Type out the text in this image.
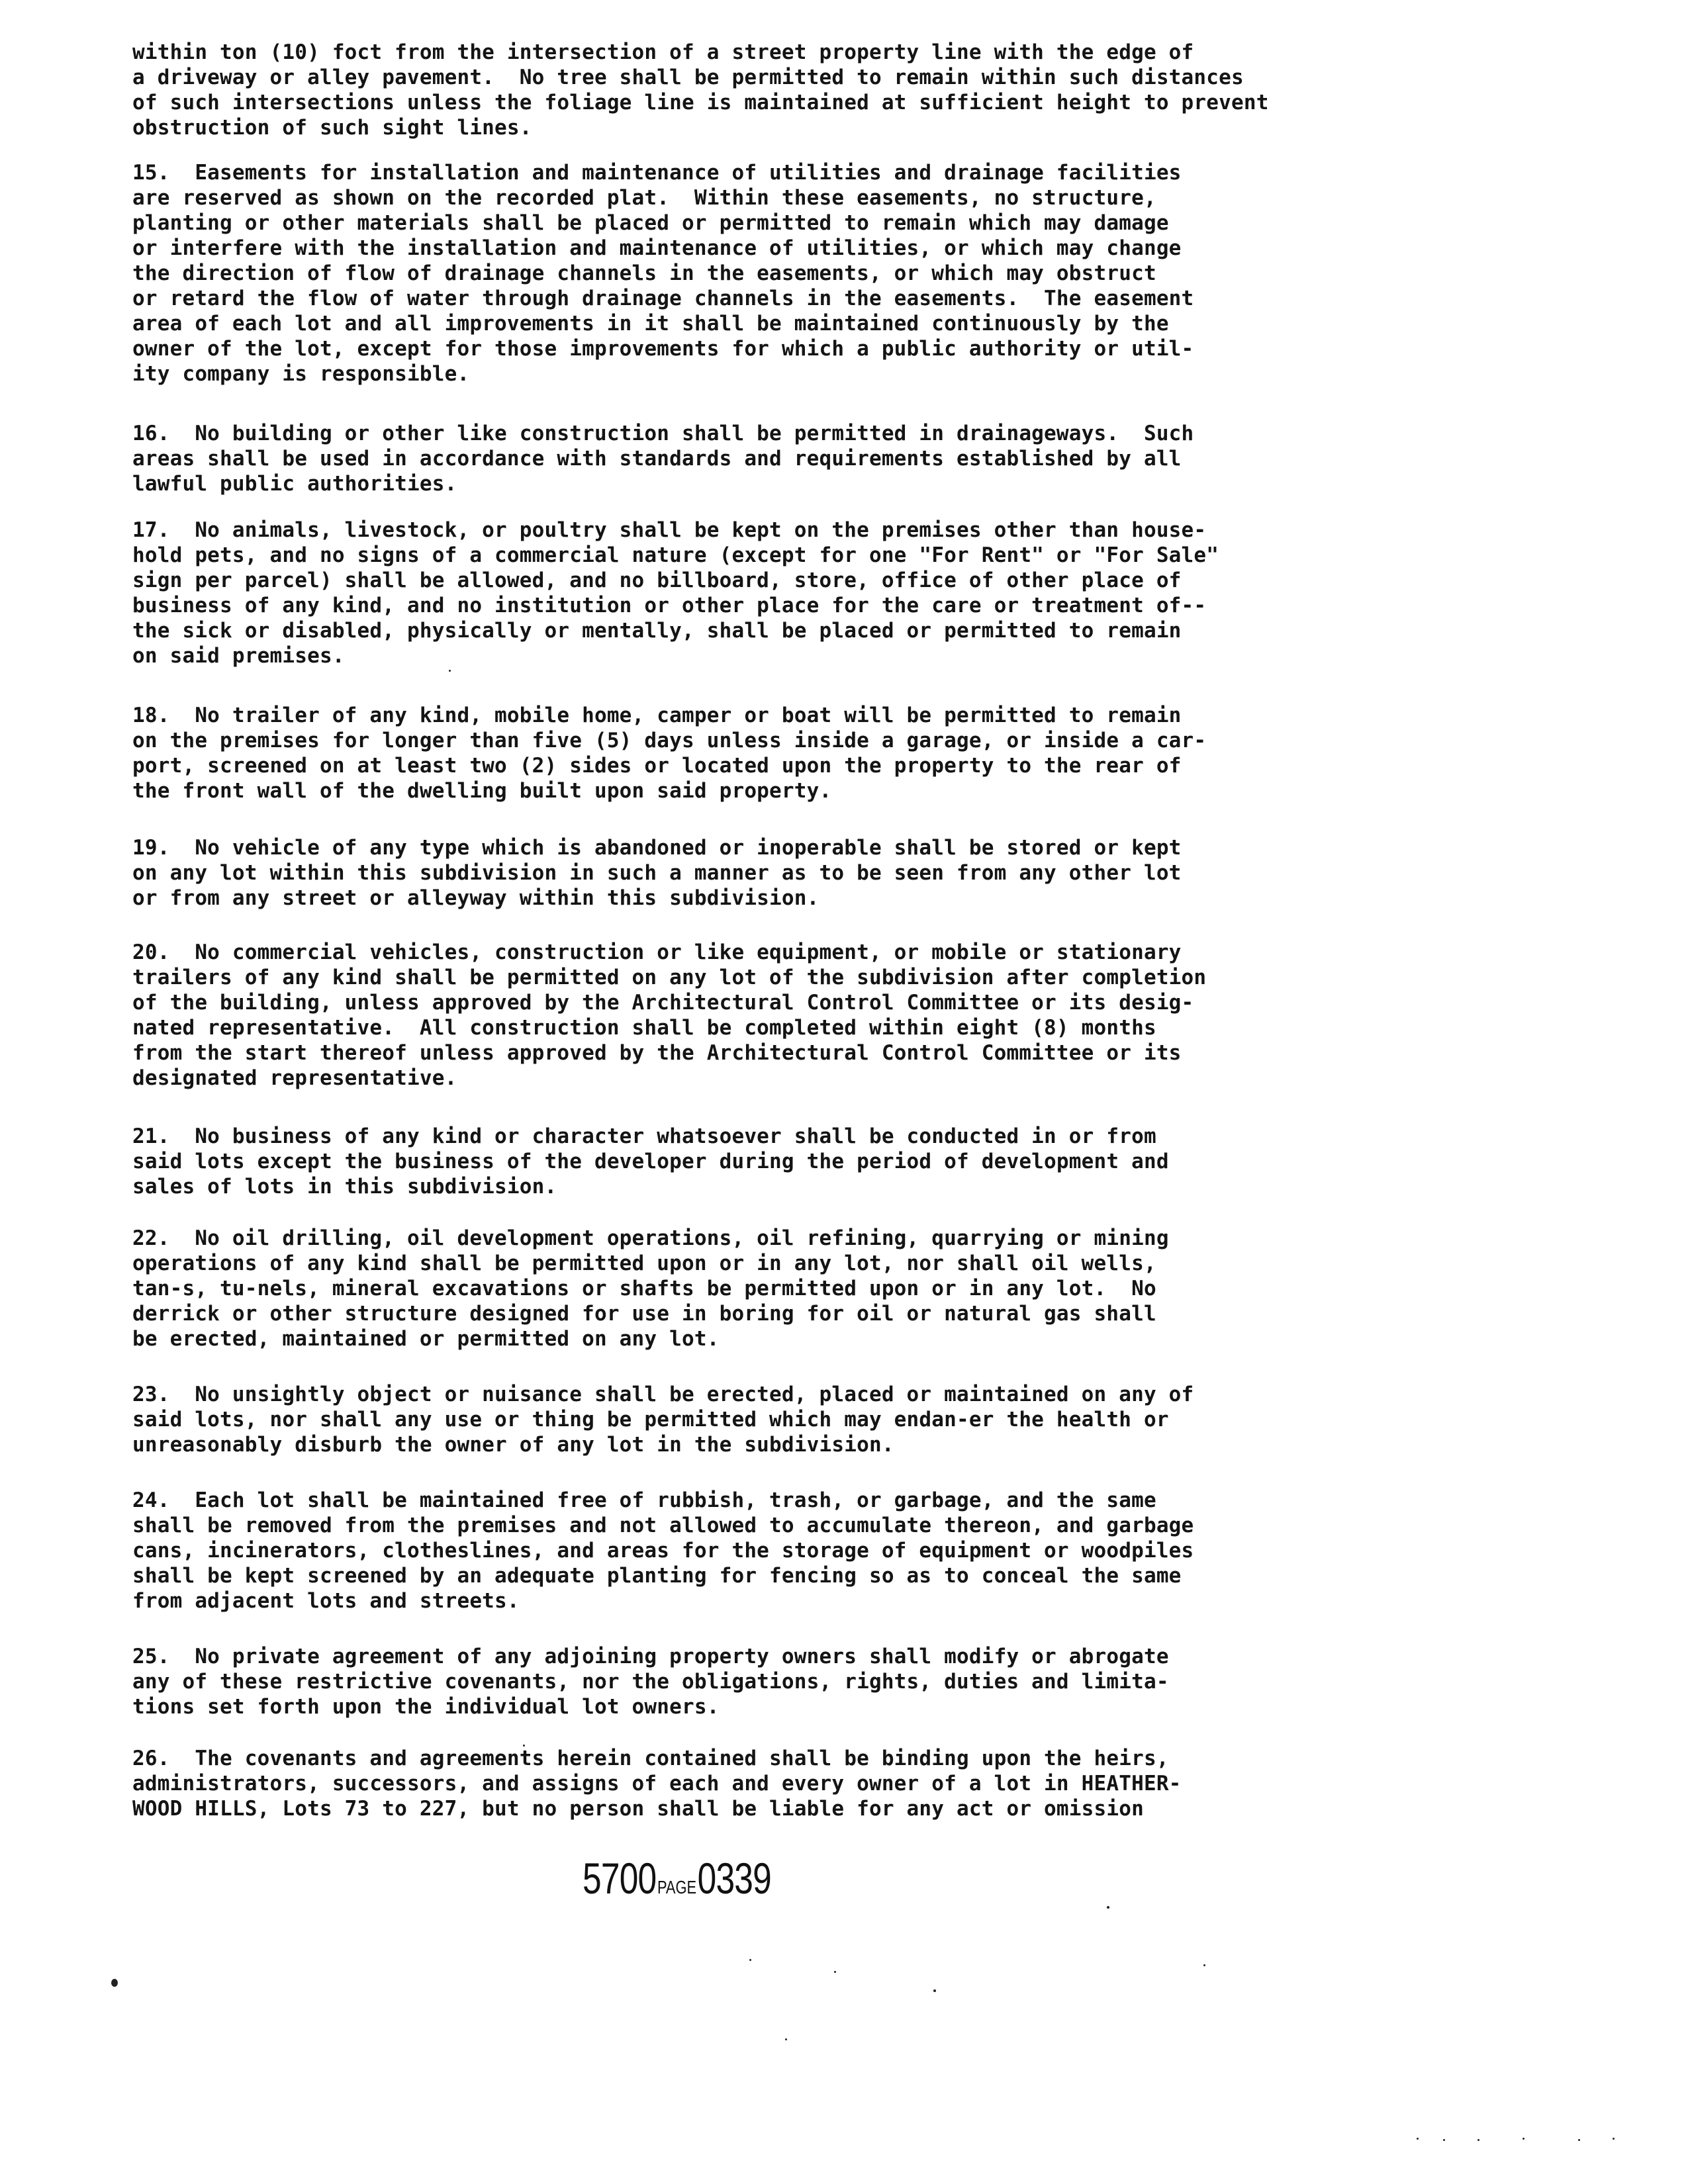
within ton (10) foct from the intersection of a street property line with the edge of
a driveway or alley pavement.  No tree shall be permitted to remain within such distances
of such intersections unless the foliage line is maintained at sufficient height to prevent
obstruction of such sight lines.

15.  Easements for installation and maintenance of utilities and drainage facilities
are reserved as shown on the recorded plat.  Within these easements, no structure,
planting or other materials shall be placed or permitted to remain which may damage
or interfere with the installation and maintenance of utilities, or which may change
the direction of flow of drainage channels in the easements, or which may obstruct
or retard the flow of water through drainage channels in the easements.  The easement
area of each lot and all improvements in it shall be maintained continuously by the
owner of the lot, except for those improvements for which a public authority or util-
ity company is responsible.

16.  No building or other like construction shall be permitted in drainageways.  Such
areas shall be used in accordance with standards and requirements established by all
lawful public authorities.

17.  No animals, livestock, or poultry shall be kept on the premises other than house-
hold pets, and no signs of a commercial nature (except for one "For Rent" or "For Sale"
sign per parcel) shall be allowed, and no billboard, store, office of other place of
business of any kind, and no institution or other place for the care or treatment of--
the sick or disabled, physically or mentally, shall be placed or permitted to remain
on said premises.

18.  No trailer of any kind, mobile home, camper or boat will be permitted to remain
on the premises for longer than five (5) days unless inside a garage, or inside a car-
port, screened on at least two (2) sides or located upon the property to the rear of
the front wall of the dwelling built upon said property.

19.  No vehicle of any type which is abandoned or inoperable shall be stored or kept
on any lot within this subdivision in such a manner as to be seen from any other lot
or from any street or alleyway within this subdivision.

20.  No commercial vehicles, construction or like equipment, or mobile or stationary
trailers of any kind shall be permitted on any lot of the subdivision after completion
of the building, unless approved by the Architectural Control Committee or its desig-
nated representative.  All construction shall be completed within eight (8) months
from the start thereof unless approved by the Architectural Control Committee or its
designated representative.

21.  No business of any kind or character whatsoever shall be conducted in or from
said lots except the business of the developer during the period of development and
sales of lots in this subdivision.

22.  No oil drilling, oil development operations, oil refining, quarrying or mining
operations of any kind shall be permitted upon or in any lot, nor shall oil wells,
tan-s, tu-nels, mineral excavations or shafts be permitted upon or in any lot.  No
derrick or other structure designed for use in boring for oil or natural gas shall
be erected, maintained or permitted on any lot.

23.  No unsightly object or nuisance shall be erected, placed or maintained on any of
said lots, nor shall any use or thing be permitted which may endan-er the health or
unreasonably disburb the owner of any lot in the subdivision.

24.  Each lot shall be maintained free of rubbish, trash, or garbage, and the same
shall be removed from the premises and not allowed to accumulate thereon, and garbage
cans, incinerators, clotheslines, and areas for the storage of equipment or woodpiles
shall be kept screened by an adequate planting for fencing so as to conceal the same
from adjacent lots and streets.

25.  No private agreement of any adjoining property owners shall modify or abrogate
any of these restrictive covenants, nor the obligations, rights, duties and limita-
tions set forth upon the individual lot owners.

26.  The covenants and agreements herein contained shall be binding upon the heirs,
administrators, successors, and assigns of each and every owner of a lot in HEATHER-
WOOD HILLS, Lots 73 to 227, but no person shall be liable for any act or omission

5700PAGE0339
